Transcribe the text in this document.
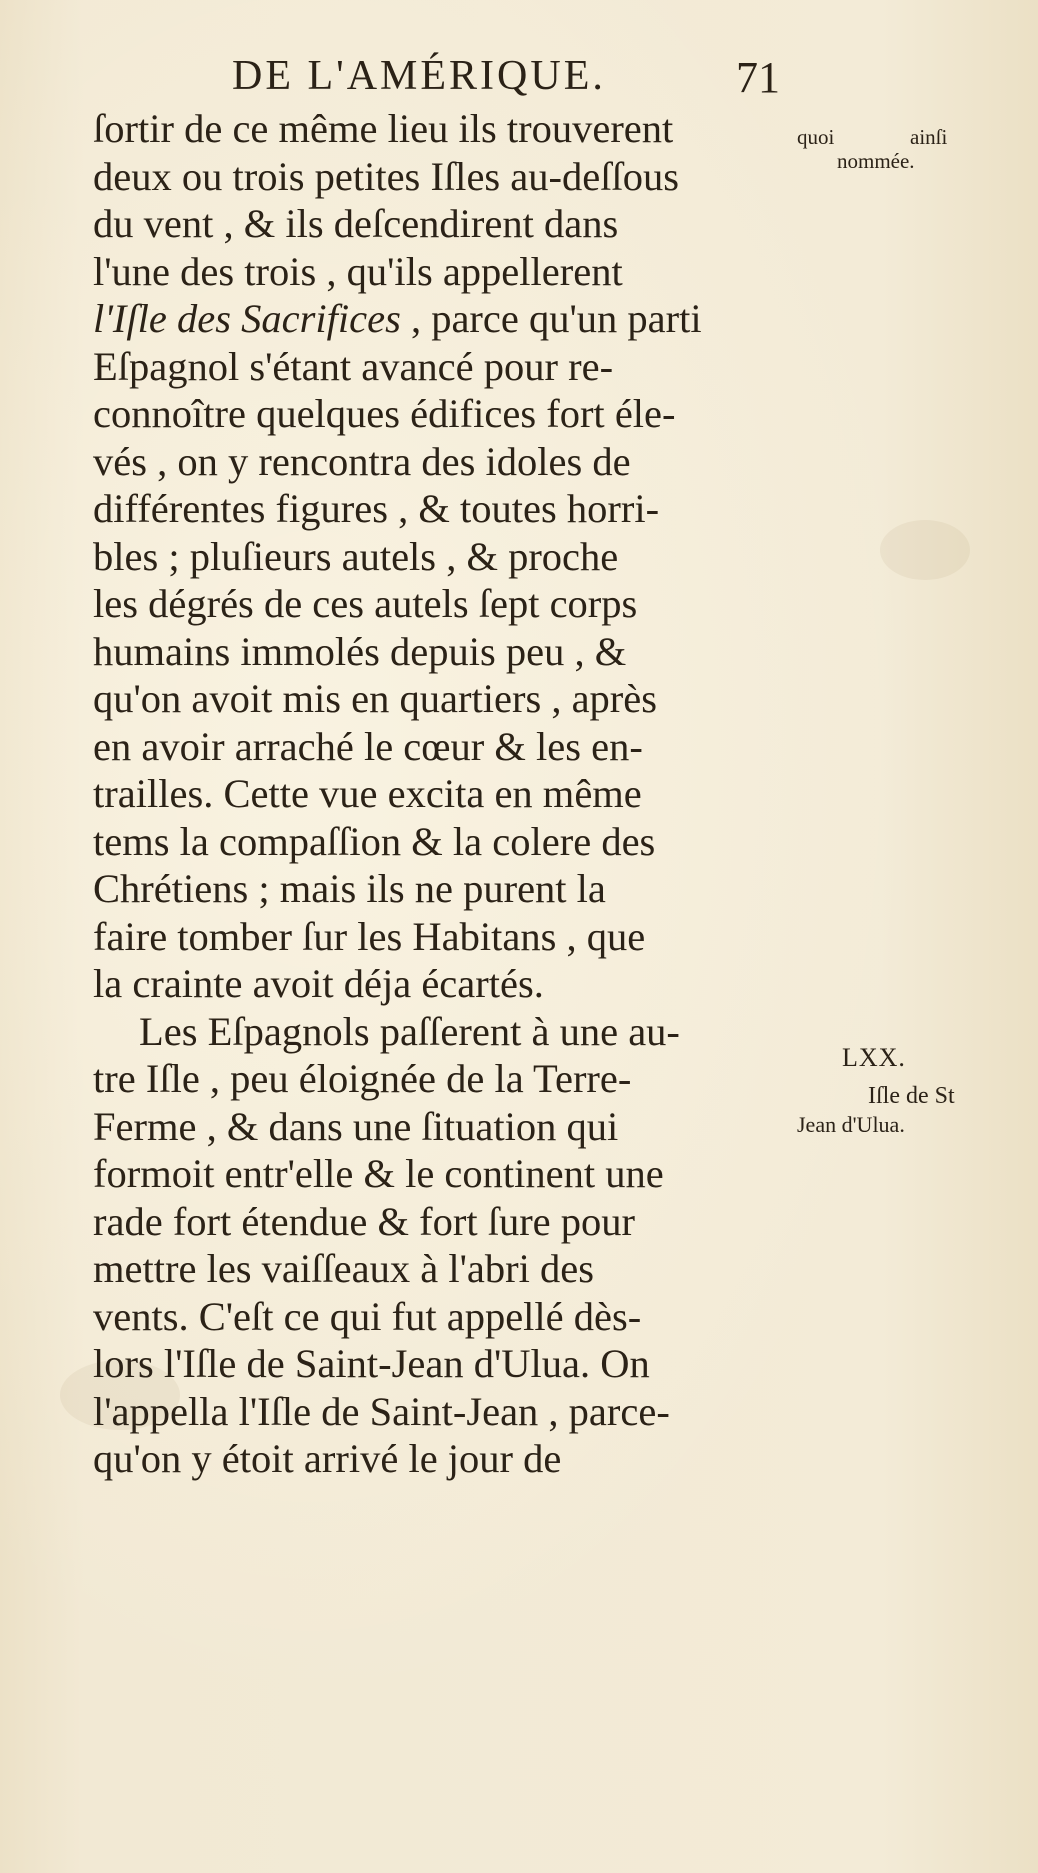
DE L'AMÉRIQUE.	71
quoi	ainſi
nommée.
LXX.
Iſle de St
Jean d'Ulua.
ſortir de ce même lieu ils trouverent
deux ou trois petites Iſles au-deſſous
du vent , & ils deſcendirent dans
l'une des trois , qu'ils appellerent
l'Iſle des Sacrifices , parce qu'un parti
Eſpagnol s'étant avancé pour re-
connoître quelques édifices fort éle-
vés , on y rencontra des idoles de
différentes figures , & toutes horri-
bles ; pluſieurs autels , & proche
les dégrés de ces autels ſept corps
humains immolés depuis peu , &
qu'on avoit mis en quartiers , après
en avoir arraché le cœur & les en-
trailles. Cette vue excita en même
tems la compaſſion & la colere des
Chrétiens ; mais ils ne purent la
faire tomber ſur les Habitans , que
la crainte avoit déja écartés.
Les Eſpagnols paſſerent à une au-
tre Iſle , peu éloignée de la Terre-
Ferme , & dans une ſituation qui
formoit entr'elle & le continent une
rade fort étendue & fort ſure pour
mettre les vaiſſeaux à l'abri des
vents. C'eſt ce qui fut appellé dès-
lors l'Iſle de Saint-Jean d'Ulua. On
l'appella l'Iſle de Saint-Jean , parce-
qu'on y étoit arrivé le jour de
